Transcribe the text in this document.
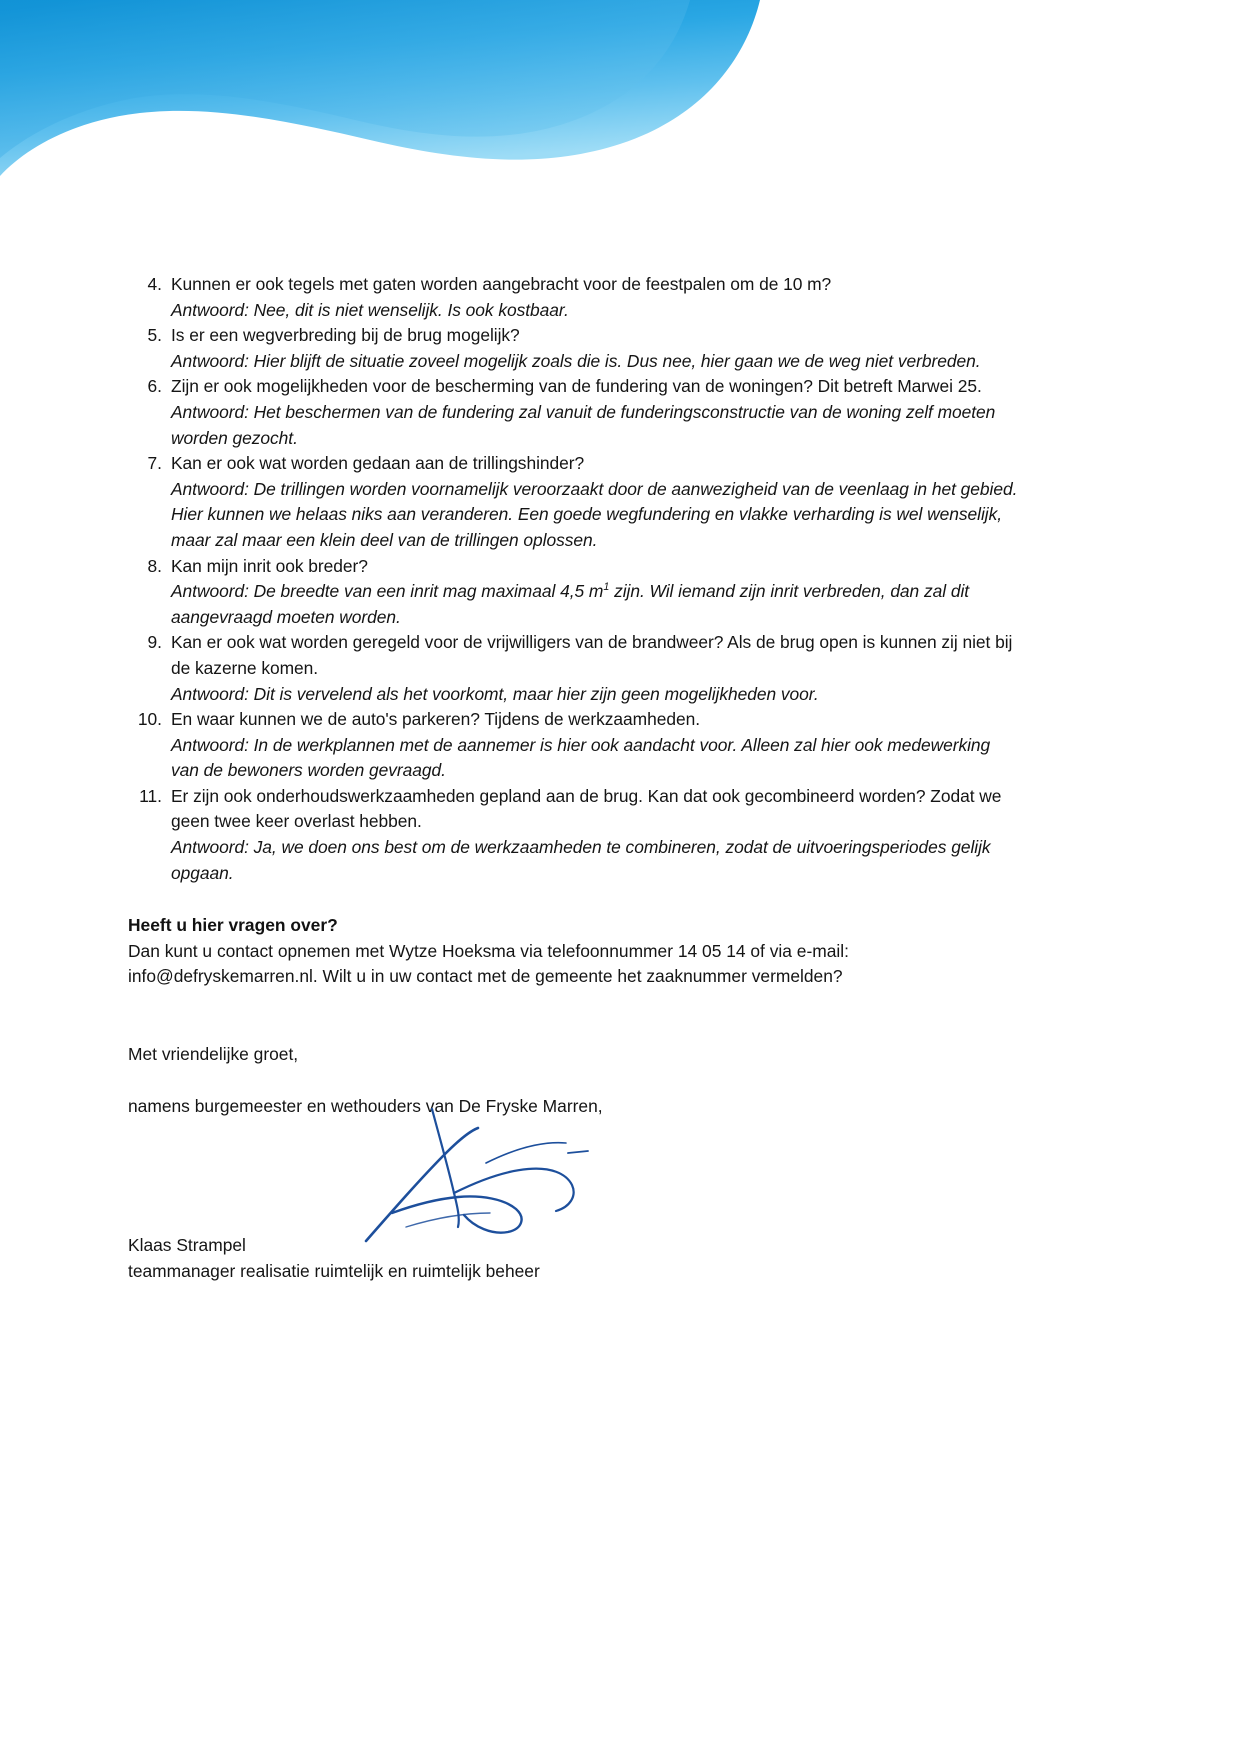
Kunnen er ook tegels met gaten worden aangebracht voor de feestpalen om de 10 m?

Antwoord: Nee, dit is niet wenselijk. Is ook kostbaar.

Is er een wegverbreding bij de brug mogelijk?

Antwoord: Hier blijft de situatie zoveel mogelijk zoals die is. Dus nee, hier gaan we de weg niet verbreden.

Zijn er ook mogelijkheden voor de bescherming van de fundering van de woningen? Dit betreft Marwei 25.

Antwoord: Het beschermen van de fundering zal vanuit de funderingsconstructie van de woning zelf moeten worden gezocht.

Kan er ook wat worden gedaan aan de trillingshinder?

Antwoord: De trillingen worden voornamelijk veroorzaakt door de aanwezigheid van de veenlaag in het gebied. Hier kunnen we helaas niks aan veranderen. Een goede wegfundering en vlakke verharding is wel wenselijk, maar zal maar een klein deel van de trillingen oplossen.

Kan mijn inrit ook breder?

Antwoord: De breedte van een inrit mag maximaal 4,5 $m^1$ zijn. Wil iemand zijn inrit verbreden, dan zal dit aangevraagd moeten worden.

Kan er ook wat worden geregeld voor de vrijwilligers van de brandweer? Als de brug open is kunnen zij niet bij de kazerne komen.

Antwoord: Dit is vervelend als het voorkomt, maar hier zijn geen mogelijkheden voor.

En waar kunnen we de auto's parkeren? Tijdens de werkzaamheden.

Antwoord: In de werkplannen met de aannemer is hier ook aandacht voor. Alleen zal hier ook medewerking van de bewoners worden gevraagd.

Er zijn ook onderhoudswerkzaamheden gepland aan de brug. Kan dat ook gecombineerd worden? Zodat we geen twee keer overlast hebben.

Antwoord: Ja, we doen ons best om de werkzaamheden te combineren, zodat de uitvoeringsperiodes gelijk opgaan.

Heeft u hier vragen over?

Dan kunt u contact opnemen met Wytze Hoeksma via telefoonnummer 14 05 14 of via e-mail:

info@defryskemarren.nl. Wilt u in uw contact met de gemeente het zaaknummer vermelden?

Met vriendelijke groet,

namens burgemeester en wethouders van De Fryske Marren,

Klaas Strampel

teammanager realisatie ruimtelijk en ruimtelijk beheer
